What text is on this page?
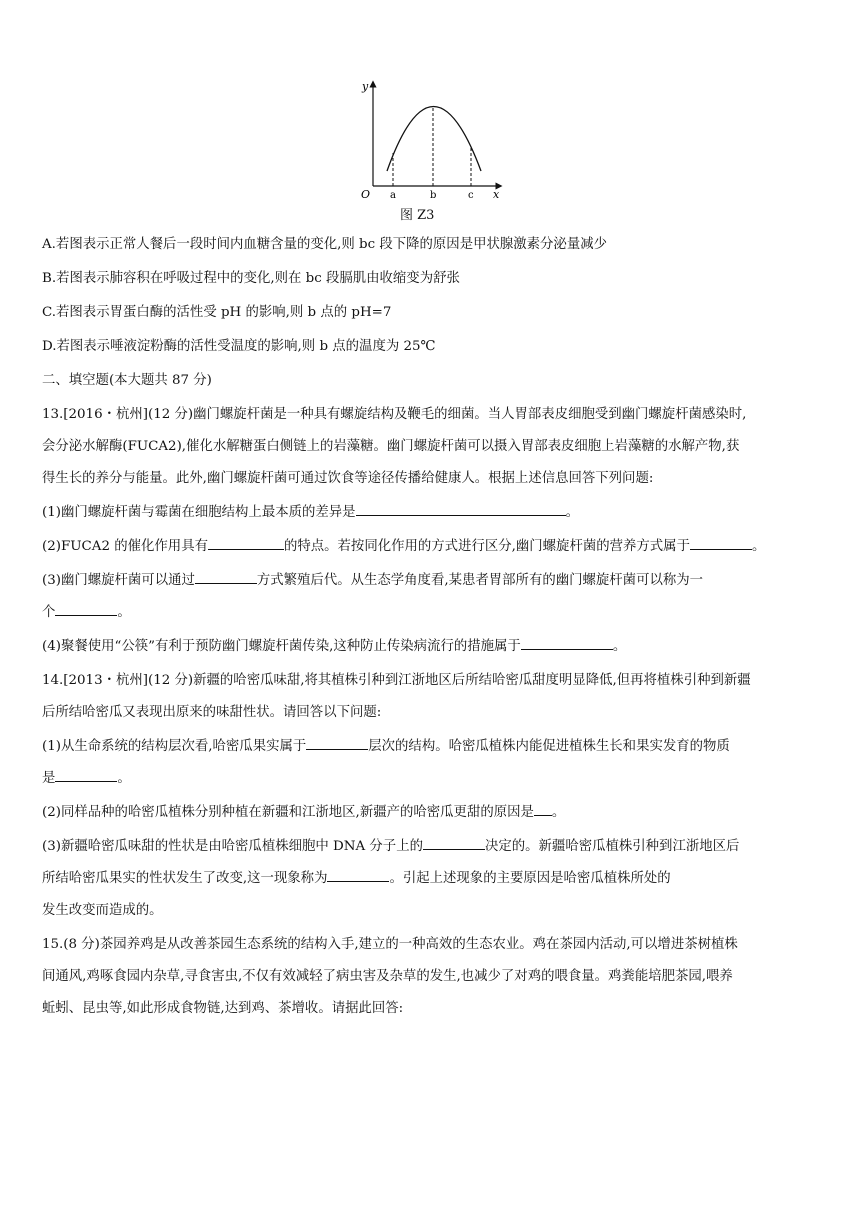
y
x
O a	b	c
图 Z3
A.若图表示正常人餐后一段时间内血糖含量的变化,则 bc 段下降的原因是甲状腺激素分泌量减少
B.若图表示肺容积在呼吸过程中的变化,则在 bc 段膈肌由收缩变为舒张
C.若图表示胃蛋白酶的活性受 pH 的影响,则 b 点的 pH=7
D.若图表示唾液淀粉酶的活性受温度的影响,则 b 点的温度为 25℃
二、填空题(本大题共 87 分)
13.[2016・杭州](12 分)幽门螺旋杆菌是一种具有螺旋结构及鞭毛的细菌。当人胃部表皮细胞受到幽门螺旋杆菌感染时,
会分泌水解酶(FUCA2),催化水解糖蛋白侧链上的岩藻糖。幽门螺旋杆菌可以摄入胃部表皮细胞上岩藻糖的水解产物,获
得生长的养分与能量。此外,幽门螺旋杆菌可通过饮食等途径传播给健康人。根据上述信息回答下列问题:
(1)幽门螺旋杆菌与霉菌在细胞结构上最本质的差异是	。
(2)FUCA2 的催化作用具有	的特点。若按同化作用的方式进行区分,幽门螺旋杆菌的营养方式属于	。
(3)幽门螺旋杆菌可以通过	方式繁殖后代。从生态学角度看,某患者胃部所有的幽门螺旋杆菌可以称为一
个	。
(4)聚餐使用“公筷”有利于预防幽门螺旋杆菌传染,这种防止传染病流行的措施属于	。
14.[2013・杭州](12 分)新疆的哈密瓜味甜,将其植株引种到江浙地区后所结哈密瓜甜度明显降低,但再将植株引种到新疆
后所结哈密瓜又表现出原来的味甜性状。请回答以下问题:
(1)从生命系统的结构层次看,哈密瓜果实属于	层次的结构。哈密瓜植株内能促进植株生长和果实发育的物质
是	。
(2)同样品种的哈密瓜植株分别种植在新疆和江浙地区,新疆产的哈密瓜更甜的原因是 。
(3)新疆哈密瓜味甜的性状是由哈密瓜植株细胞中 DNA 分子上的	决定的。新疆哈密瓜植株引种到江浙地区后
所结哈密瓜果实的性状发生了改变,这一现象称为	。引起上述现象的主要原因是哈密瓜植株所处的
发生改变而造成的。
15.(8 分)茶园养鸡是从改善茶园生态系统的结构入手,建立的一种高效的生态农业。鸡在茶园内活动,可以增进茶树植株
间通风,鸡啄食园内杂草,寻食害虫,不仅有效减轻了病虫害及杂草的发生,也减少了对鸡的喂食量。鸡粪能培肥茶园,喂养
蚯蚓、昆虫等,如此形成食物链,达到鸡、茶增收。请据此回答:
